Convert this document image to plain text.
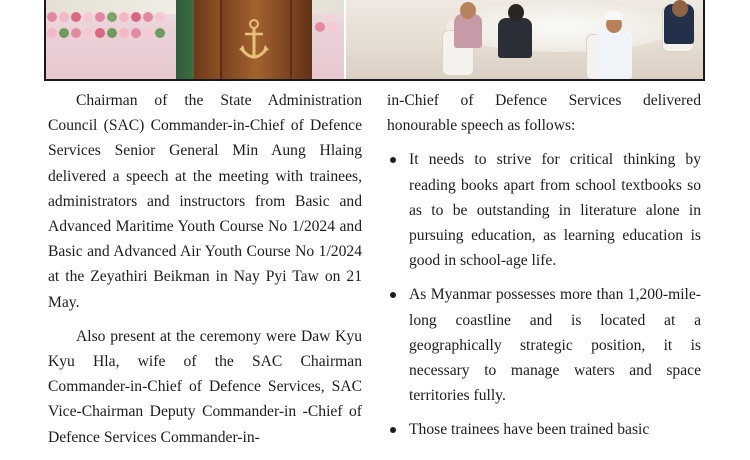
Chairman of the State Administration Council (SAC) Commander-in-Chief of Defence Services Senior General Min Aung Hlaing delivered a speech at the meeting with trainees, administrators and instructors from Basic and Advanced Maritime Youth Course No 1/2024 and Basic and Advanced Air Youth Course No 1/2024 at the Zeyathiri Beikman in Nay Pyi Taw on 21 May.

Also present at the ceremony were Daw Kyu Kyu Hla, wife of the SAC Chairman Commander-in-Chief of Defence Services, SAC Vice-Chairman Deputy Commander-in -Chief of Defence Services Commander-in-

in-Chief of Defence Services delivered honourable speech as follows:

It needs to strive for critical thinking by reading books apart from school textbooks so as to be outstanding in literature alone in pursuing education, as learning education is good in school-age life.
As Myanmar possesses more than 1,200-mile-long coastline and is located at a geographically strategic position, it is necessary to manage waters and space territories fully.
Those trainees have been trained basic
